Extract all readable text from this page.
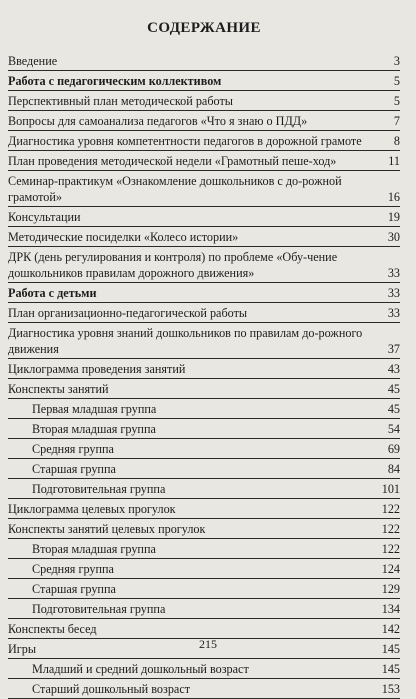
СОДЕРЖАНИЕ
Введение	3
Работа с педагогическим коллективом	5
Перспективный план методической работы	5
Вопросы для самоанализа педагогов «Что я знаю о ПДД»	7
Диагностика уровня компетентности педагогов в дорожной грамоте	8
План проведения методической недели «Грамотный пеше-ход»	11
Семинар-практикум «Ознакомление дошкольников с до-рожной грамотой»	16
Консультации	19
Методические посиделки «Колесо истории»	30
ДРК (день регулирования и контроля) по проблеме «Обу-чение дошкольников правилам дорожного движения»	33
Работа с детьми	33
План организационно-педагогической работы	33
Диагностика уровня знаний дошкольников по правилам до-рожного движения	37
Циклограмма проведения занятий	43
Конспекты занятий	45
Первая младшая группа	45
Вторая младшая группа	54
Средняя группа	69
Старшая группа	84
Подготовительная группа	101
Циклограмма целевых прогулок	122
Конспекты занятий целевых прогулок	122
Вторая младшая группа	122
Средняя группа	124
Старшая группа	129
Подготовительная группа	134
Конспекты бесед	142
Игры	145
Младший и средний дошкольный возраст	145
Старший дошкольный возраст	153
215
